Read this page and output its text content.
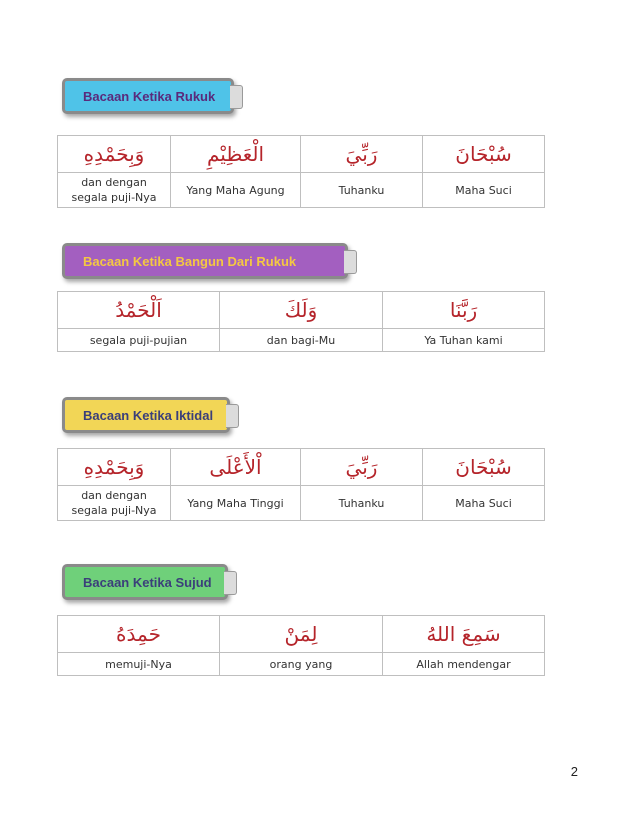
Bacaan Ketika Rukuk
وَبِحَمْدِهِ	الْعَظِيْمِ	رَبِّيَ	سُبْحَانَ
dan dengan segala puji-Nya	Yang Maha Agung	Tuhanku	Maha Suci
Bacaan Ketika Bangun Dari Rukuk
اَلْحَمْدُ	وَلَكَ	رَبَّنَا
segala puji-pujian	dan bagi-Mu	Ya Tuhan kami
Bacaan Ketika Iktidal
وَبِحَمْدِهِ	اْلأَعْلَى	رَبِّيَ	سُبْحَانَ
dan dengan segala puji-Nya	Yang Maha Tinggi	Tuhanku	Maha Suci
Bacaan Ketika Sujud
حَمِدَهُ	لِمَنْ	سَمِعَ اللهُ
memuji-Nya	orang yang	Allah mendengar
2
